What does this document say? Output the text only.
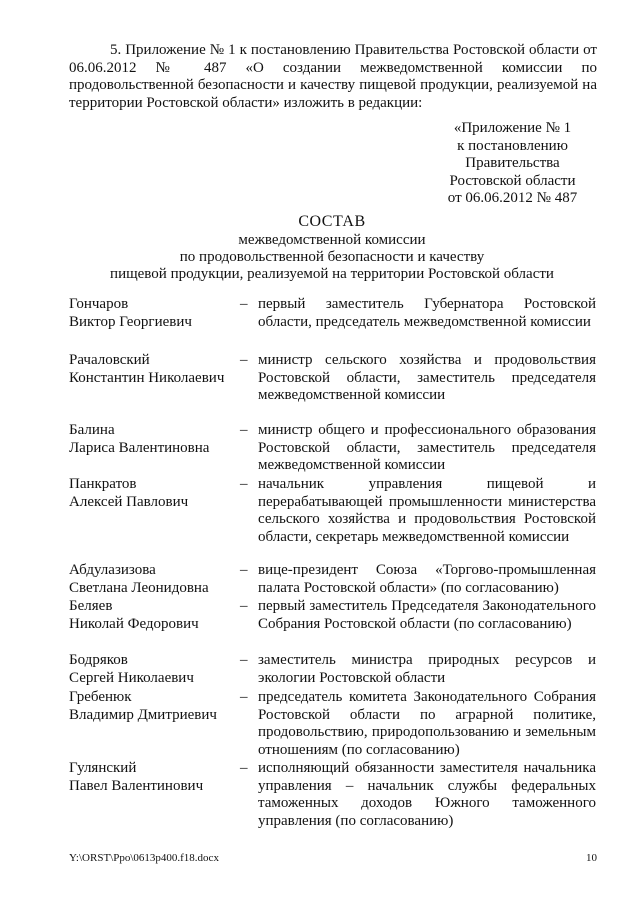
5. Приложение № 1 к постановлению Правительства Ростовской области от 06.06.2012 № 487 «О создании межведомственной комиссии по продовольственной безопасности и качеству пищевой продукции, реализуемой на территории Ростовской области» изложить в редакции:
«Приложение № 1
к постановлению
Правительства
Ростовской области
от 06.06.2012 № 487
СОСТАВ
межведомственной комиссии
по продовольственной безопасности и качеству
пищевой продукции, реализуемой на территории Ростовской области
Гончаров
Виктор Георгиевич
– первый заместитель Губернатора Ростовской области, председатель межведомственной комиссии
Рачаловский
Константин Николаевич
– министр сельского хозяйства и продовольствия Ростовской области, заместитель председателя межведомственной комиссии
Балина
Лариса Валентиновна
– министр общего и профессионального образования Ростовской области, заместитель председателя межведомственной комиссии
Панкратов
Алексей Павлович
– начальник управления пищевой и перерабатывающей промышленности министерства сельского хозяйства и продовольствия Ростовской области, секретарь межведомственной комиссии
Абдулазизова
Светлана Леонидовна
– вице-президент Союза «Торгово-промышленная палата Ростовской области» (по согласованию)
Беляев
Николай Федорович
– первый заместитель Председателя Законодательного Собрания Ростовской области (по согласованию)
Бодряков
Сергей Николаевич
– заместитель министра природных ресурсов и экологии Ростовской области
Гребенюк
Владимир Дмитриевич
– председатель комитета Законодательного Собрания Ростовской области по аграрной политике, продовольствию, природопользованию и земельным отношениям (по согласованию)
Гулянский
Павел Валентинович
– исполняющий обязанности заместителя начальника управления – начальник службы федеральных таможенных доходов Южного таможенного управления (по согласованию)
Y:\ORST\Ppo\0613p400.f18.docx	10
